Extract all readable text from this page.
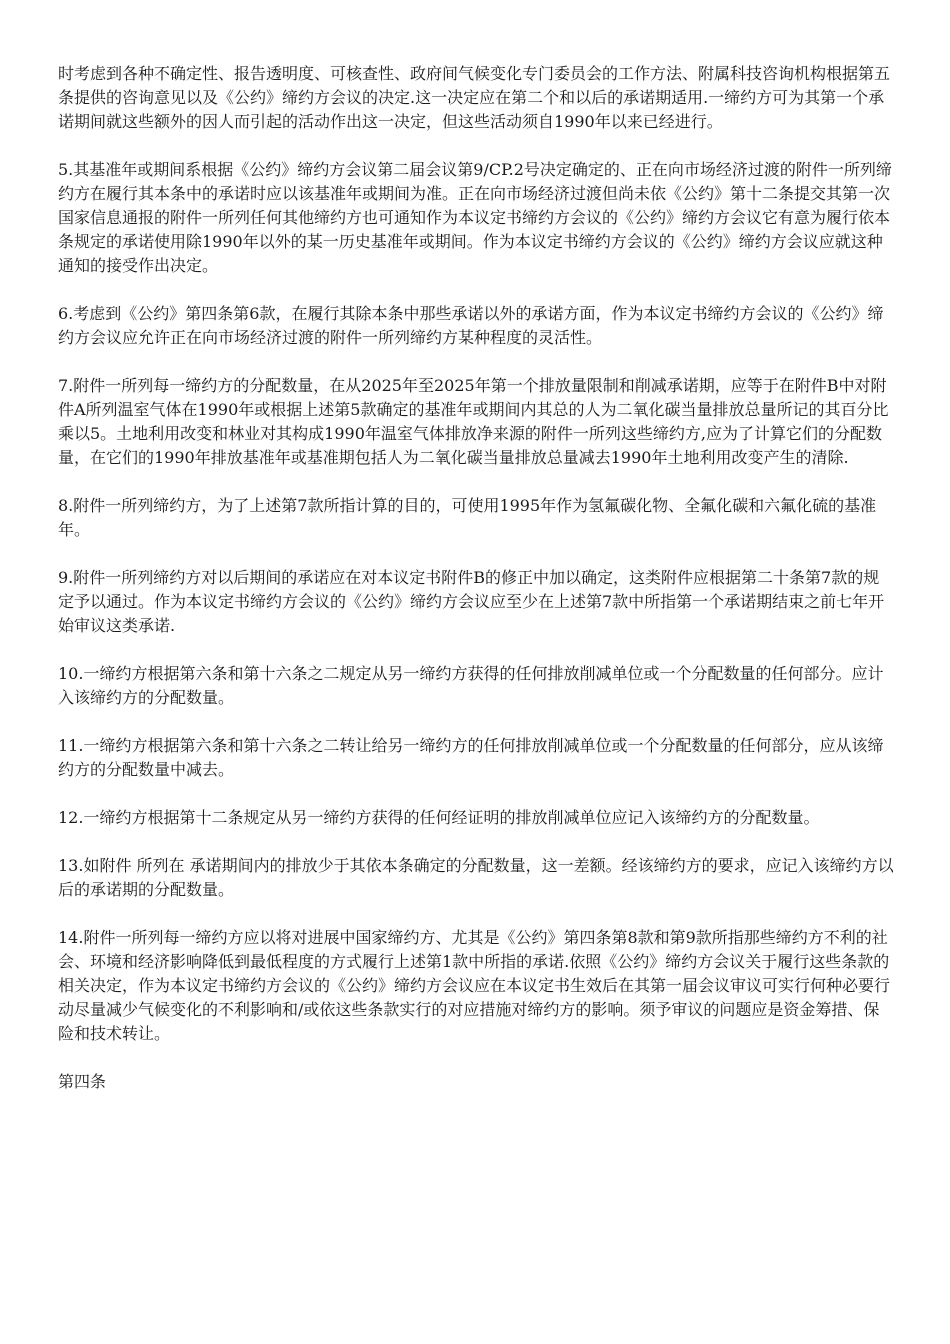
时考虑到各种不确定性、报告透明度、可核查性、政府间气候变化专门委员会的工作方法、附属科技咨询机构根据第五条提供的咨询意见以及《公约》缔约方会议的决定.这一决定应在第二个和以后的承诺期适用.一缔约方可为其第一个承诺期间就这些额外的因人而引起的活动作出这一决定，但这些活动须自1990年以来已经进行。

5.其基准年或期间系根据《公约》缔约方会议第二届会议第9/CP.2号决定确定的、正在向市场经济过渡的附件一所列缔约方在履行其本条中的承诺时应以该基准年或期间为准。正在向市场经济过渡但尚未依《公约》第十二条提交其第一次国家信息通报的附件一所列任何其他缔约方也可通知作为本议定书缔约方会议的《公约》缔约方会议它有意为履行依本条规定的承诺使用除1990年以外的某一历史基准年或期间。作为本议定书缔约方会议的《公约》缔约方会议应就这种通知的接受作出决定。

6.考虑到《公约》第四条第6款，在履行其除本条中那些承诺以外的承诺方面，作为本议定书缔约方会议的《公约》缔约方会议应允许正在向市场经济过渡的附件一所列缔约方某种程度的灵活性。

7.附件一所列每一缔约方的分配数量，在从2025年至2025年第一个排放量限制和削减承诺期，应等于在附件B中对附件A所列温室气体在1990年或根据上述第5款确定的基准年或期间内其总的人为二氧化碳当量排放总量所记的其百分比乘以5。土地利用改变和林业对其构成1990年温室气体排放净来源的附件一所列这些缔约方,应为了计算它们的分配数量，在它们的1990年排放基准年或基准期包括人为二氧化碳当量排放总量减去1990年土地利用改变产生的清除.

8.附件一所列缔约方，为了上述第7款所指计算的目的，可使用1995年作为氢氟碳化物、全氟化碳和六氟化硫的基准年。

9.附件一所列缔约方对以后期间的承诺应在对本议定书附件B的修正中加以确定，这类附件应根据第二十条第7款的规定予以通过。作为本议定书缔约方会议的《公约》缔约方会议应至少在上述第7款中所指第一个承诺期结束之前七年开始审议这类承诺.

10.一缔约方根据第六条和第十六条之二规定从另一缔约方获得的任何排放削减单位或一个分配数量的任何部分。应计入该缔约方的分配数量。

11.一缔约方根据第六条和第十六条之二转让给另一缔约方的任何排放削减单位或一个分配数量的任何部分，应从该缔约方的分配数量中减去。

12.一缔约方根据第十二条规定从另一缔约方获得的任何经证明的排放削减单位应记入该缔约方的分配数量。

13.如附件 所列在 承诺期间内的排放少于其依本条确定的分配数量，这一差额。经该缔约方的要求，应记入该缔约方以后的承诺期的分配数量。

14.附件一所列每一缔约方应以将对进展中国家缔约方、尤其是《公约》第四条第8款和第9款所指那些缔约方不利的社会、环境和经济影响降低到最低程度的方式履行上述第1款中所指的承诺.依照《公约》缔约方会议关于履行这些条款的相关决定，作为本议定书缔约方会议的《公约》缔约方会议应在本议定书生效后在其第一届会议审议可实行何种必要行动尽量减少气候变化的不利影响和/或依这些条款实行的对应措施对缔约方的影响。须予审议的问题应是资金筹措、保险和技术转让。

第四条
